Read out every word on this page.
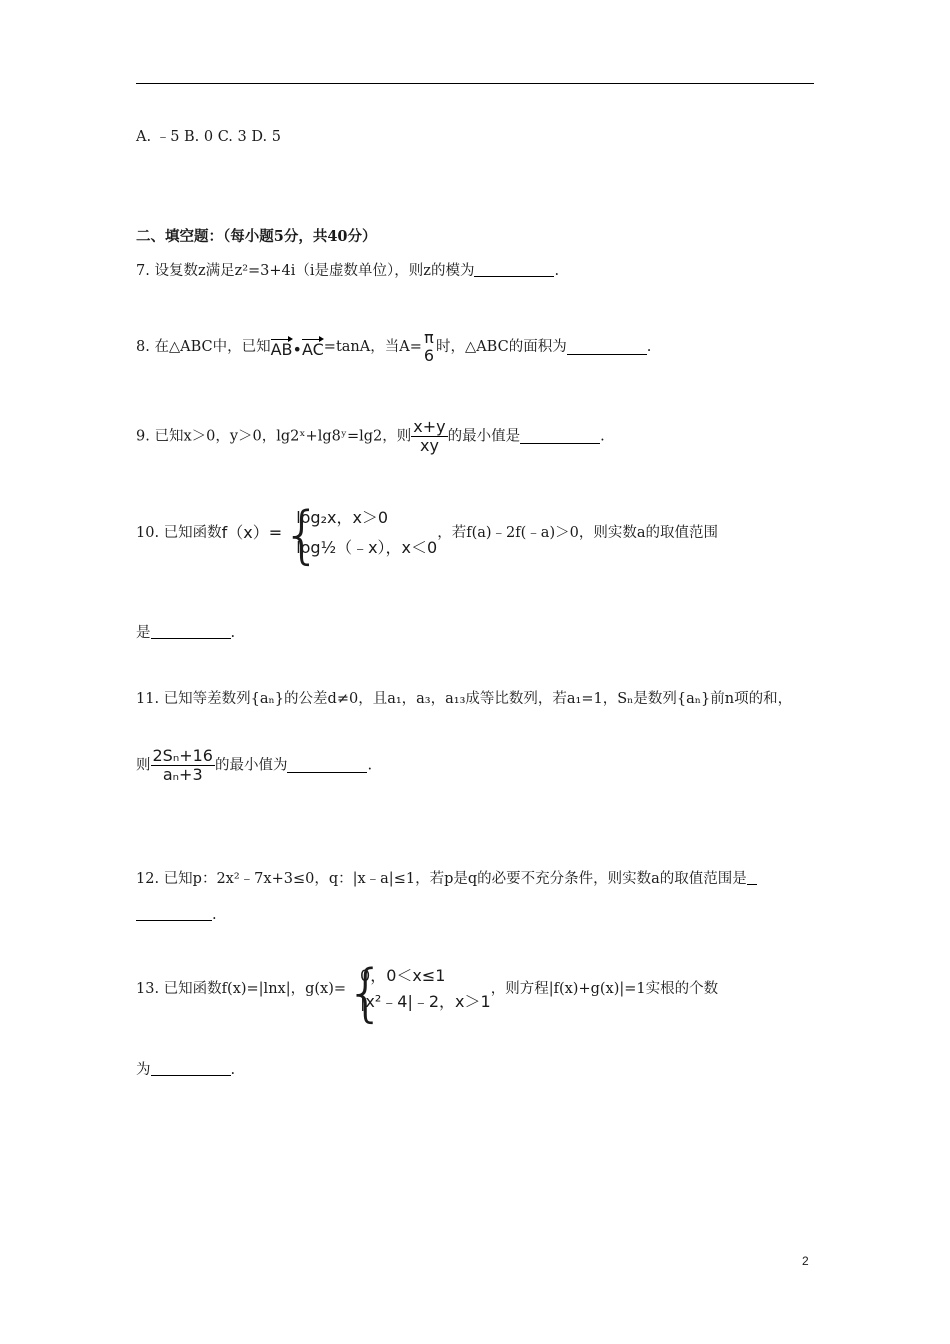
A. ﹣5 B. 0 C. 3 D. 5
二、填空题：（每小题5分，共40分）
7. 设复数z满足z²=3+4i（i是虚数单位），则z的模为	.
8. 在△ABC中，已知AB•AC=tanA，当A= π
6 时，△ABC的面积为	.
9. 已知x＞0，y＞0，lg2ˣ+lg8ʸ=lg2，则 $\frac{x+y}{xy}$ 的最小值是	.
10. 已知函数f（x）= {
log₂x，x＞0
log½（﹣x），x＜0
，若f(a)﹣2f(﹣a)＞0，则实数a的取值范围
是	.
11. 已知等差数列{aₙ}的公差d≠0，且a₁，a₃，a₁₃成等比数列，若a₁=1，Sₙ是数列{aₙ}前n项的和，
则 $\frac{\text{2Sₙ+16}}{\text{aₙ+3}}$ 的最小值为	.
12. 已知p：2x²﹣7x+3≤0，q：|x﹣a|≤1，若p是q的必要不充分条件，则实数a的取值范围是
.
13. 已知函数f(x)=|lnx|，g(x)= {
0，0＜x≤1
|x²﹣4|﹣2，x＞1
，则方程|f(x)+g(x)|=1实根的个数
为	.
2
